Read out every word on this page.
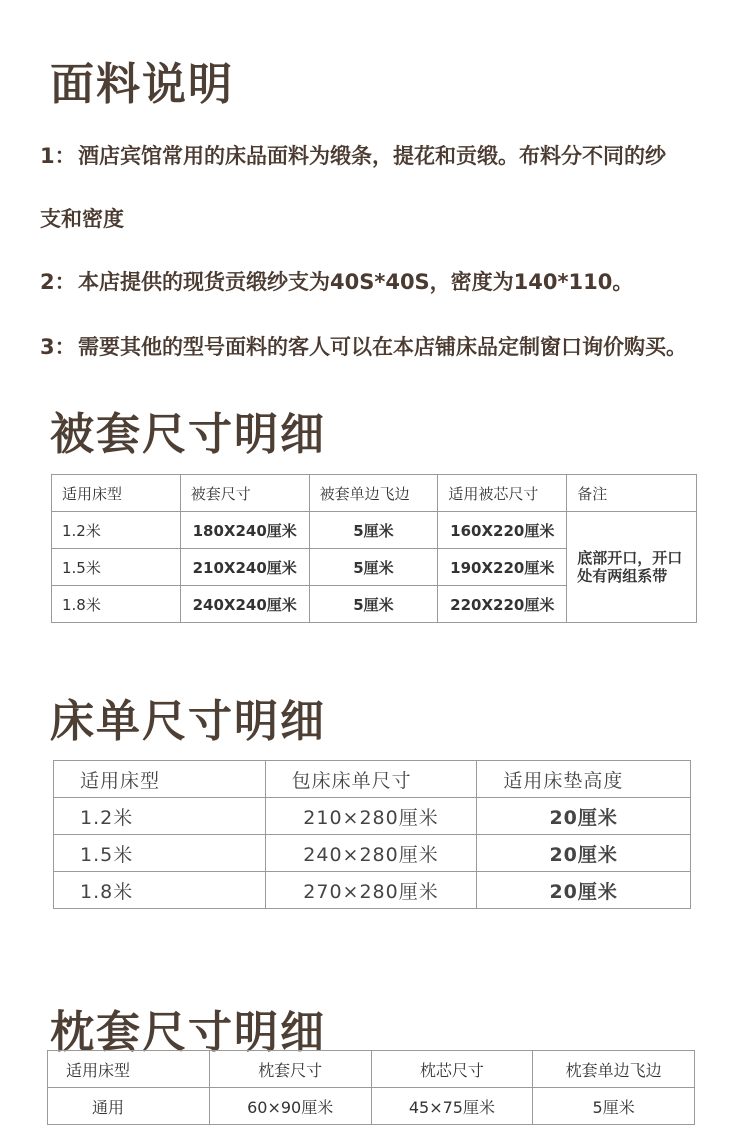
面料说明
1： 酒店宾馆常用的床品面料为缎条，提花和贡缎。布料分不同的纱
支和密度
2： 本店提供的现货贡缎纱支为40S*40S，密度为140*110。
3： 需要其他的型号面料的客人可以在本店铺床品定制窗口询价购买。
被套尺寸明细
适用床型	被套尺寸	被套单边飞边	适用被芯尺寸	备注
1.2米	180X240厘米	5厘米	160X220厘米	底部开口，开口处有两组系带
1.5米	210X240厘米	5厘米	190X220厘米	
1.8米	240X240厘米	5厘米	220X220厘米	
床单尺寸明细
适用床型	包床床单尺寸	适用床垫高度
1.2米	210×280厘米	20厘米
1.5米	240×280厘米	20厘米
1.8米	270×280厘米	20厘米
枕套尺寸明细
适用床型	枕套尺寸	枕芯尺寸	枕套单边飞边
通用	60×90厘米	45×75厘米	5厘米
